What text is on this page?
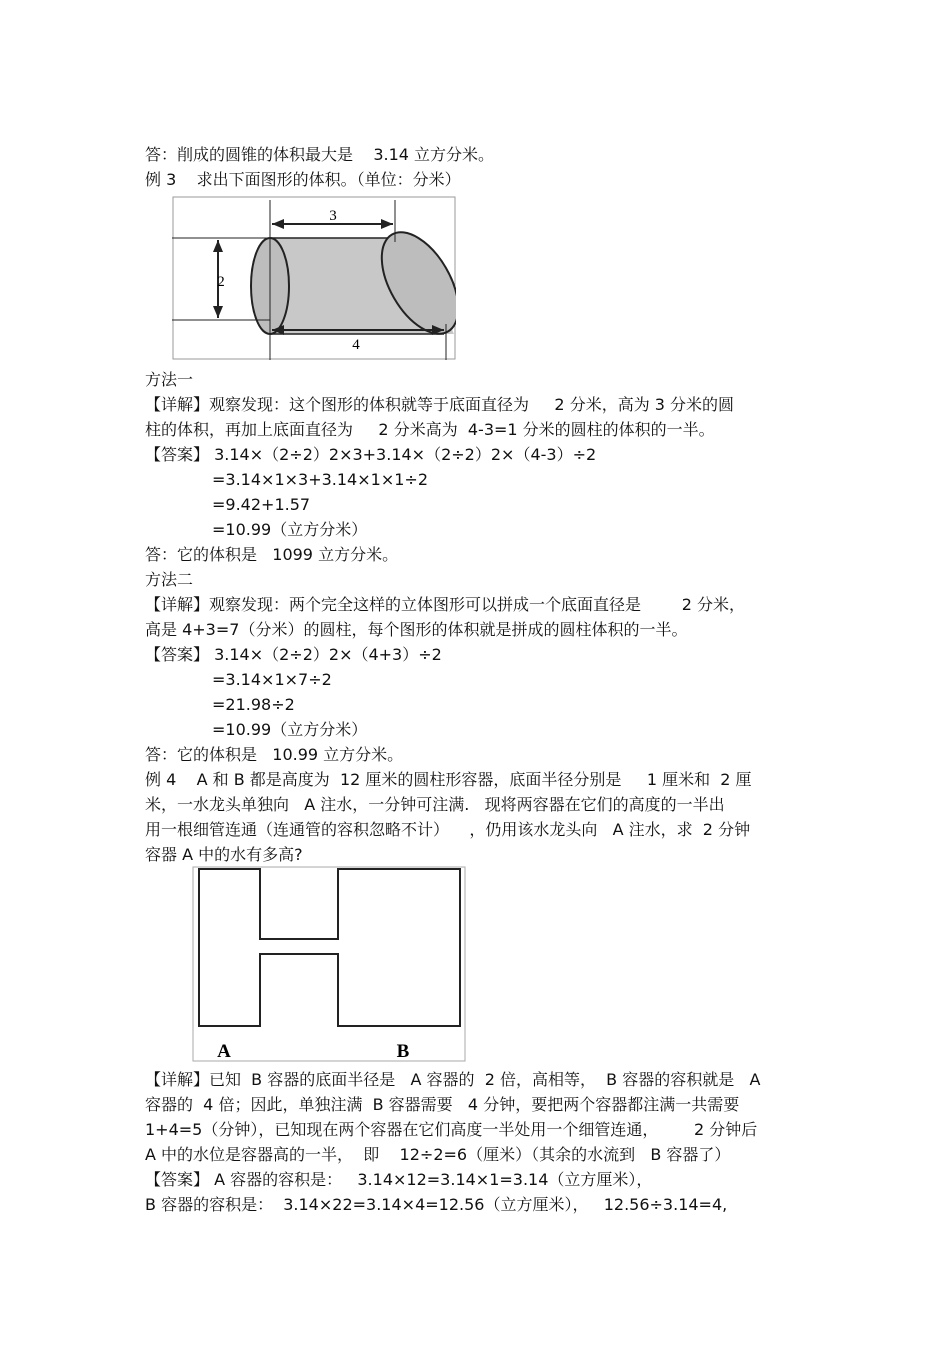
答：削成的圆锥的体积最大是    3.14 立方分米。
例 3    求出下面图形的体积。（单位：分米）
3
2
4
方法一
【详解】观察发现：这个图形的体积就等于底面直径为     2 分米，高为 3 分米的圆
柱的体积，再加上底面直径为     2 分米高为  4-3=1 分米的圆柱的体积的一半。
【答案】 3.14×（2÷2）2×3+3.14×（2÷2）2×（4-3）÷2
=3.14×1×3+3.14×1×1÷2
=9.42+1.57
=10.99（立方分米）
答：它的体积是   1099 立方分米。
方法二
【详解】观察发现：两个完全这样的立体图形可以拼成一个底面直径是        2 分米，
高是 4+3=7（分米）的圆柱，每个图形的体积就是拼成的圆柱体积的一半。
【答案】 3.14×（2÷2）2×（4+3）÷2
=3.14×1×7÷2
=21.98÷2
=10.99（立方分米）
答：它的体积是   10.99 立方分米。
例 4    A 和 B 都是高度为  12 厘米的圆柱形容器，底面半径分别是     1 厘米和  2 厘
米，一水龙头单独向   A 注水，一分钟可注满.   现将两容器在它们的高度的一半出
用一根细管连通（连通管的容积忽略不计）    ，仍用该水龙头向   A 注水，求  2 分钟
容器 A 中的水有多高?
A	B
【详解】已知  B 容器的底面半径是   A 容器的  2 倍，高相等，  B 容器的容积就是   A
容器的  4 倍；因此，单独注满  B 容器需要   4 分钟，要把两个容器都注满一共需要
1+4=5（分钟），已知现在两个容器在它们高度一半处用一个细管连通，       2 分钟后
A 中的水位是容器高的一半，  即    12÷2=6（厘米）（其余的水流到   B 容器了）
【答案】 A 容器的容积是：   3.14×12=3.14×1=3.14（立方厘米），
B 容器的容积是：  3.14×22=3.14×4=12.56（立方厘米），   12.56÷3.14=4,
